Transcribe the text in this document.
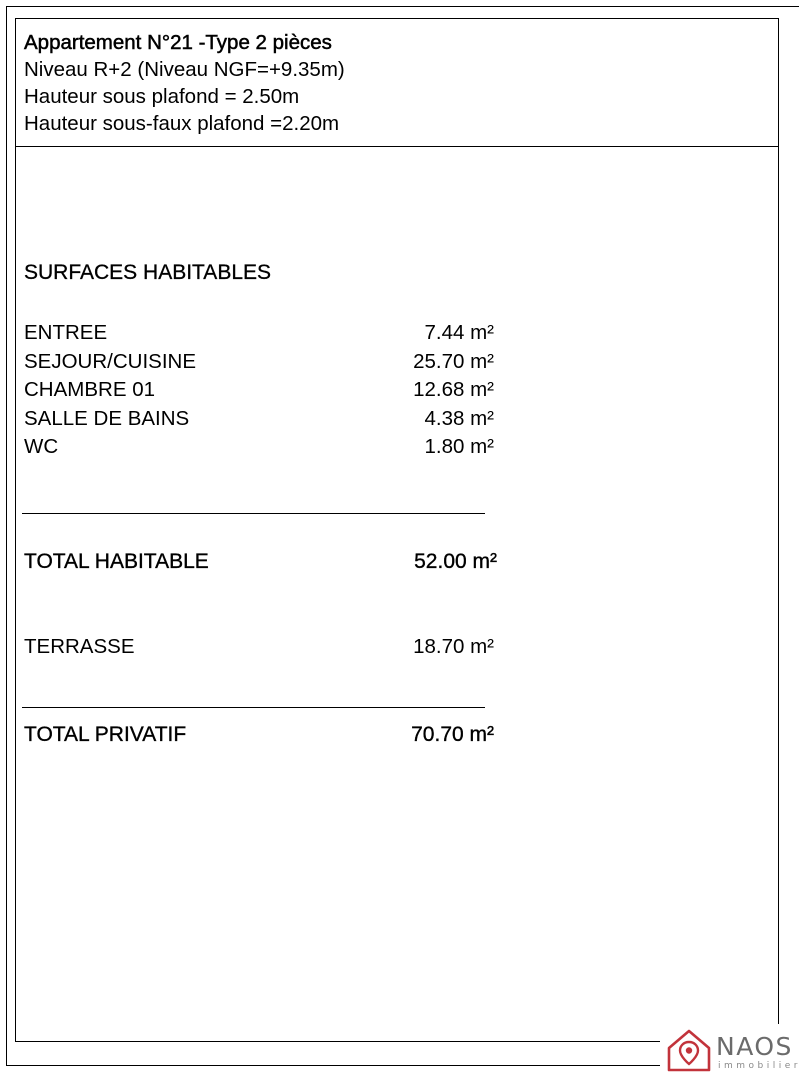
Appartement N°21 -Type 2 pièces
Niveau R+2 (Niveau NGF=+9.35m)
Hauteur sous plafond = 2.50m
Hauteur sous-faux plafond =2.20m
SURFACES HABITABLES
ENTREE	7.44 m²
SEJOUR/CUISINE	25.70 m²
CHAMBRE 01	12.68 m²
SALLE DE BAINS	4.38 m²
WC	1.80 m²
TOTAL HABITABLE	52.00 m²
TERRASSE	18.70 m²
TOTAL PRIVATIF	70.70 m²
NAOS
immobilier
